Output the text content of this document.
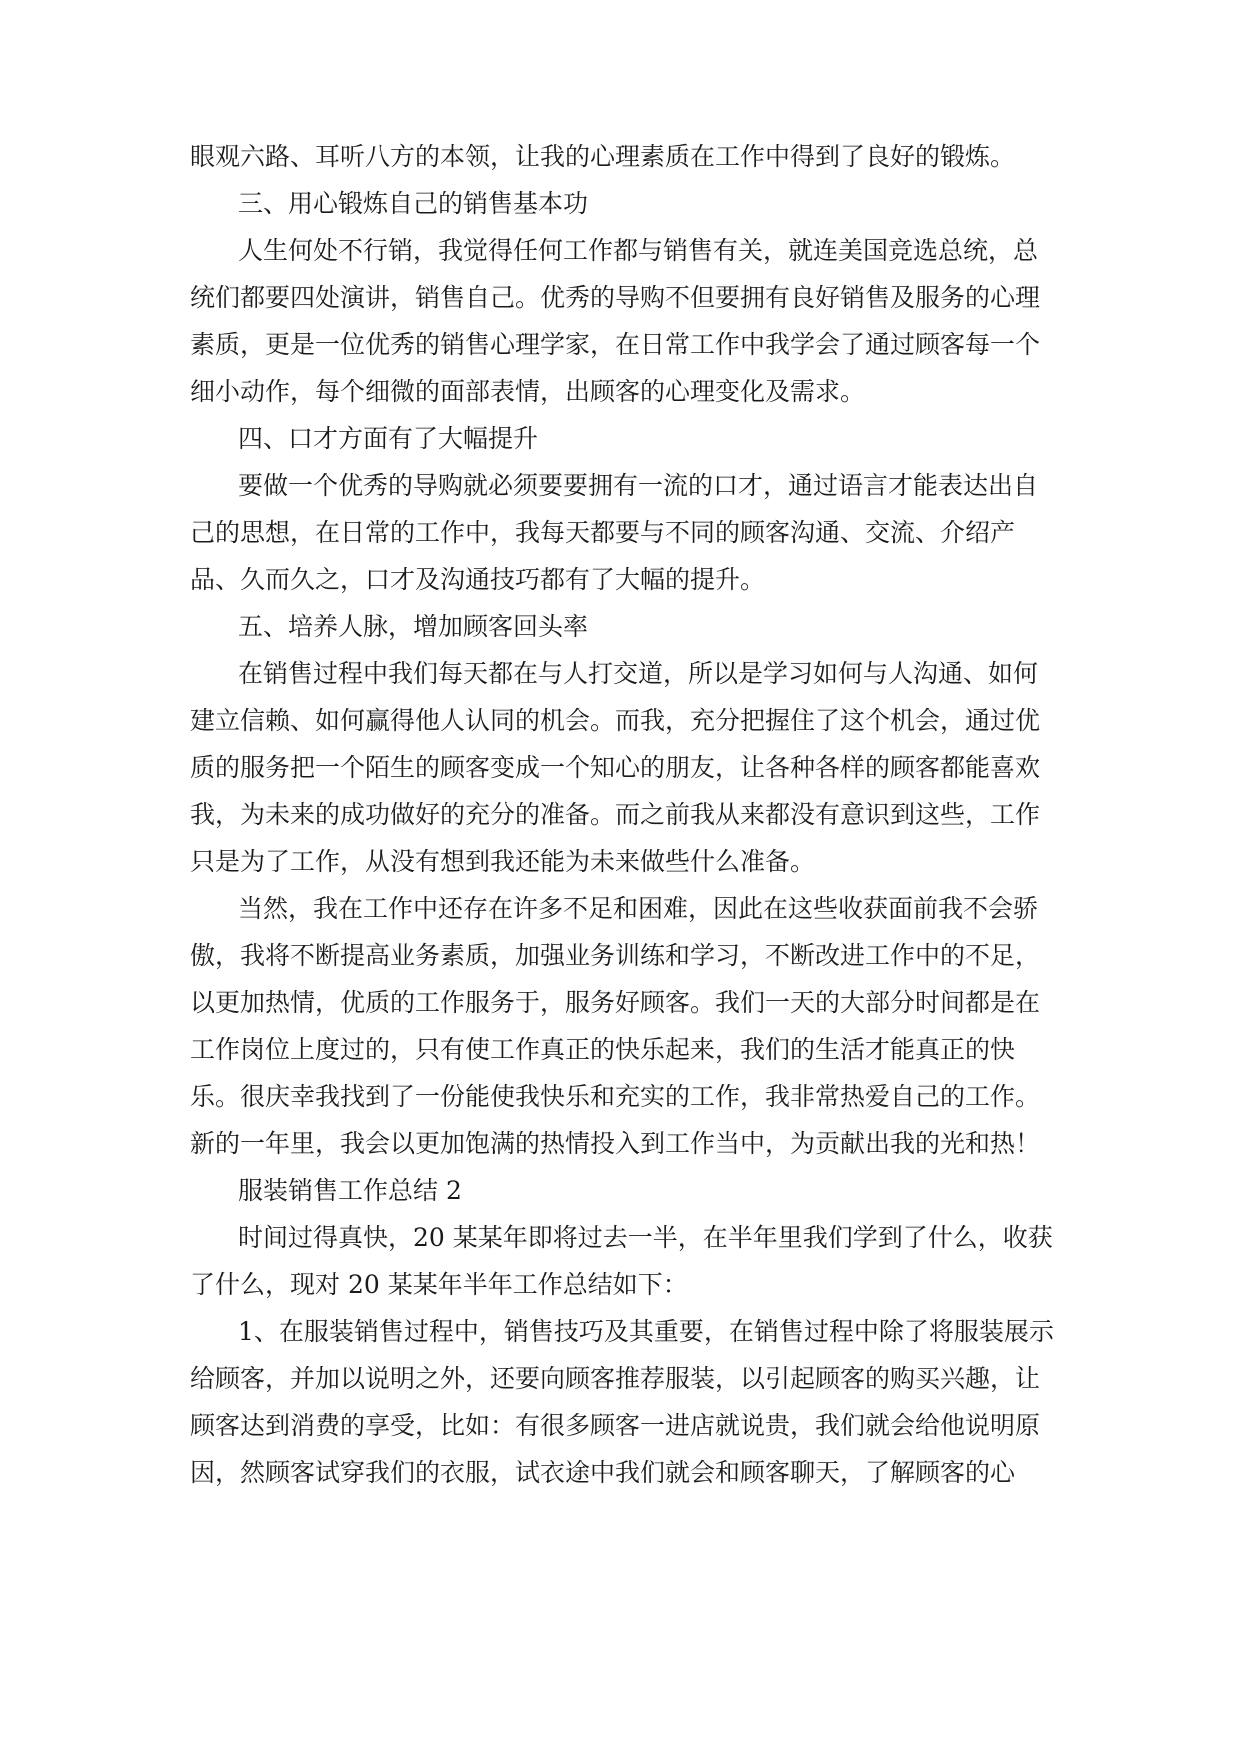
眼观六路、耳听八方的本领，让我的心理素质在工作中得到了良好的锻炼。

三、用心锻炼自己的销售基本功

人生何处不行销，我觉得任何工作都与销售有关，就连美国竞选总统，总

统们都要四处演讲，销售自己。优秀的导购不但要拥有良好销售及服务的心理

素质，更是一位优秀的销售心理学家，在日常工作中我学会了通过顾客每一个

细小动作，每个细微的面部表情，出顾客的心理变化及需求。

四、口才方面有了大幅提升

要做一个优秀的导购就必须要要拥有一流的口才，通过语言才能表达出自

己的思想，在日常的工作中，我每天都要与不同的顾客沟通、交流、介绍产

品、久而久之，口才及沟通技巧都有了大幅的提升。

五、培养人脉，增加顾客回头率

在销售过程中我们每天都在与人打交道，所以是学习如何与人沟通、如何

建立信赖、如何赢得他人认同的机会。而我，充分把握住了这个机会，通过优

质的服务把一个陌生的顾客变成一个知心的朋友，让各种各样的顾客都能喜欢

我，为未来的成功做好的充分的准备。而之前我从来都没有意识到这些，工作

只是为了工作，从没有想到我还能为未来做些什么准备。

当然，我在工作中还存在许多不足和困难，因此在这些收获面前我不会骄

傲，我将不断提高业务素质，加强业务训练和学习，不断改进工作中的不足，

以更加热情，优质的工作服务于，服务好顾客。我们一天的大部分时间都是在

工作岗位上度过的，只有使工作真正的快乐起来，我们的生活才能真正的快

乐。很庆幸我找到了一份能使我快乐和充实的工作，我非常热爱自己的工作。

新的一年里，我会以更加饱满的热情投入到工作当中，为贡献出我的光和热！

服装销售工作总结 2

时间过得真快，20 某某年即将过去一半，在半年里我们学到了什么，收获

了什么，现对 20 某某年半年工作总结如下：

1、在服装销售过程中，销售技巧及其重要，在销售过程中除了将服装展示

给顾客，并加以说明之外，还要向顾客推荐服装，以引起顾客的购买兴趣，让

顾客达到消费的享受，比如：有很多顾客一进店就说贵，我们就会给他说明原

因，然顾客试穿我们的衣服，试衣途中我们就会和顾客聊天，了解顾客的心
